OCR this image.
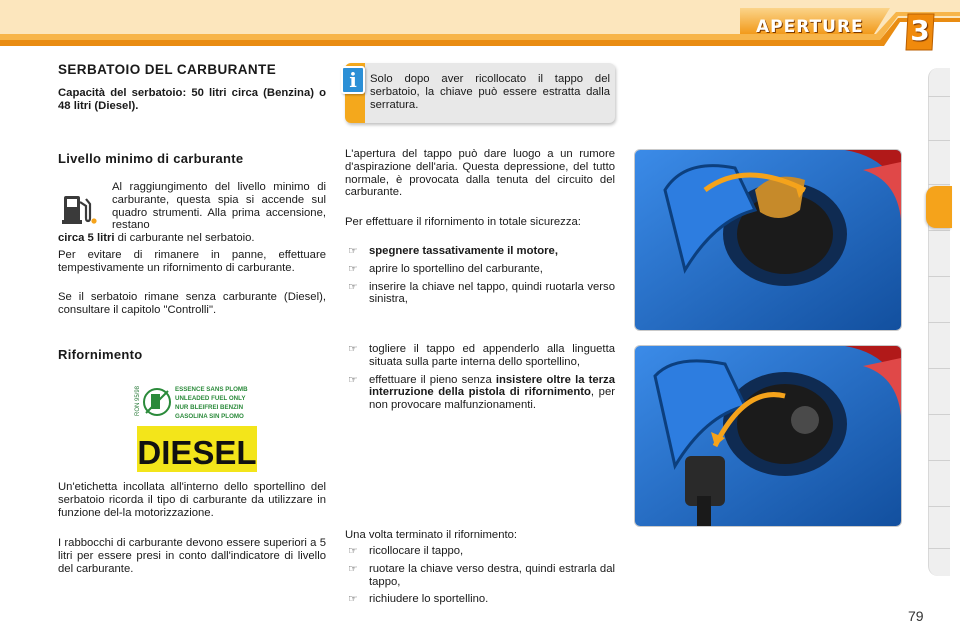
APERTURE 3
SERBATOIO DEL CARBURANTE
Capacità del serbatoio: 50 litri circa (Benzina) o 48 litri (Diesel).
Livello minimo di carburante
Al raggiungimento del livello minimo di carburante, questa spia si accende sul quadro strumenti. Alla prima accensione, restano
circa 5 litri di carburante nel serbatoio.
Per evitare di rimanere in panne, effettuare tempestivamente un rifornimento di carburante.
Se il serbatoio rimane senza carburante (Diesel), consultare il capitolo "Controlli".
Rifornimento
RON 95/98	ESSENCE SANS PLOMB
UNLEADED FUEL ONLY
NUR BLEIFREI BENZIN
GASOLINA SIN PLOMO
DIESEL
Un'etichetta incollata all'interno dello sportellino del serbatoio ricorda il tipo di carburante da utilizzare in funzione del-la motorizzazione.
I rabbocchi di carburante devono essere superiori a 5 litri per essere presi in conto dall'indicatore di livello del carburante.
i	Solo dopo aver ricollocato il tappo del serbatoio, la chiave può essere estratta dalla serratura.
L'apertura del tappo può dare luogo a un rumore d'aspirazione dell'aria. Questa depressione, del tutto normale, è provocata dalla tenuta del circuito del carburante.
Per effettuare il rifornimento in totale sicurezza:
☞ spegnere tassativamente il motore,
☞ aprire lo sportellino del carburante,
☞ inserire la chiave nel tappo, quindi ruotarla verso sinistra,
☞ togliere il tappo ed appenderlo alla linguetta situata sulla parte interna dello sportellino,
☞ effettuare il pieno senza insistere oltre la terza interruzione della pistola di rifornimento, per non provocare malfunzionamenti.
Una volta terminato il rifornimento:
☞ ricollocare il tappo,
☞ ruotare la chiave verso destra, quindi estrarla dal tappo,
☞ richiudere lo sportellino.
79
